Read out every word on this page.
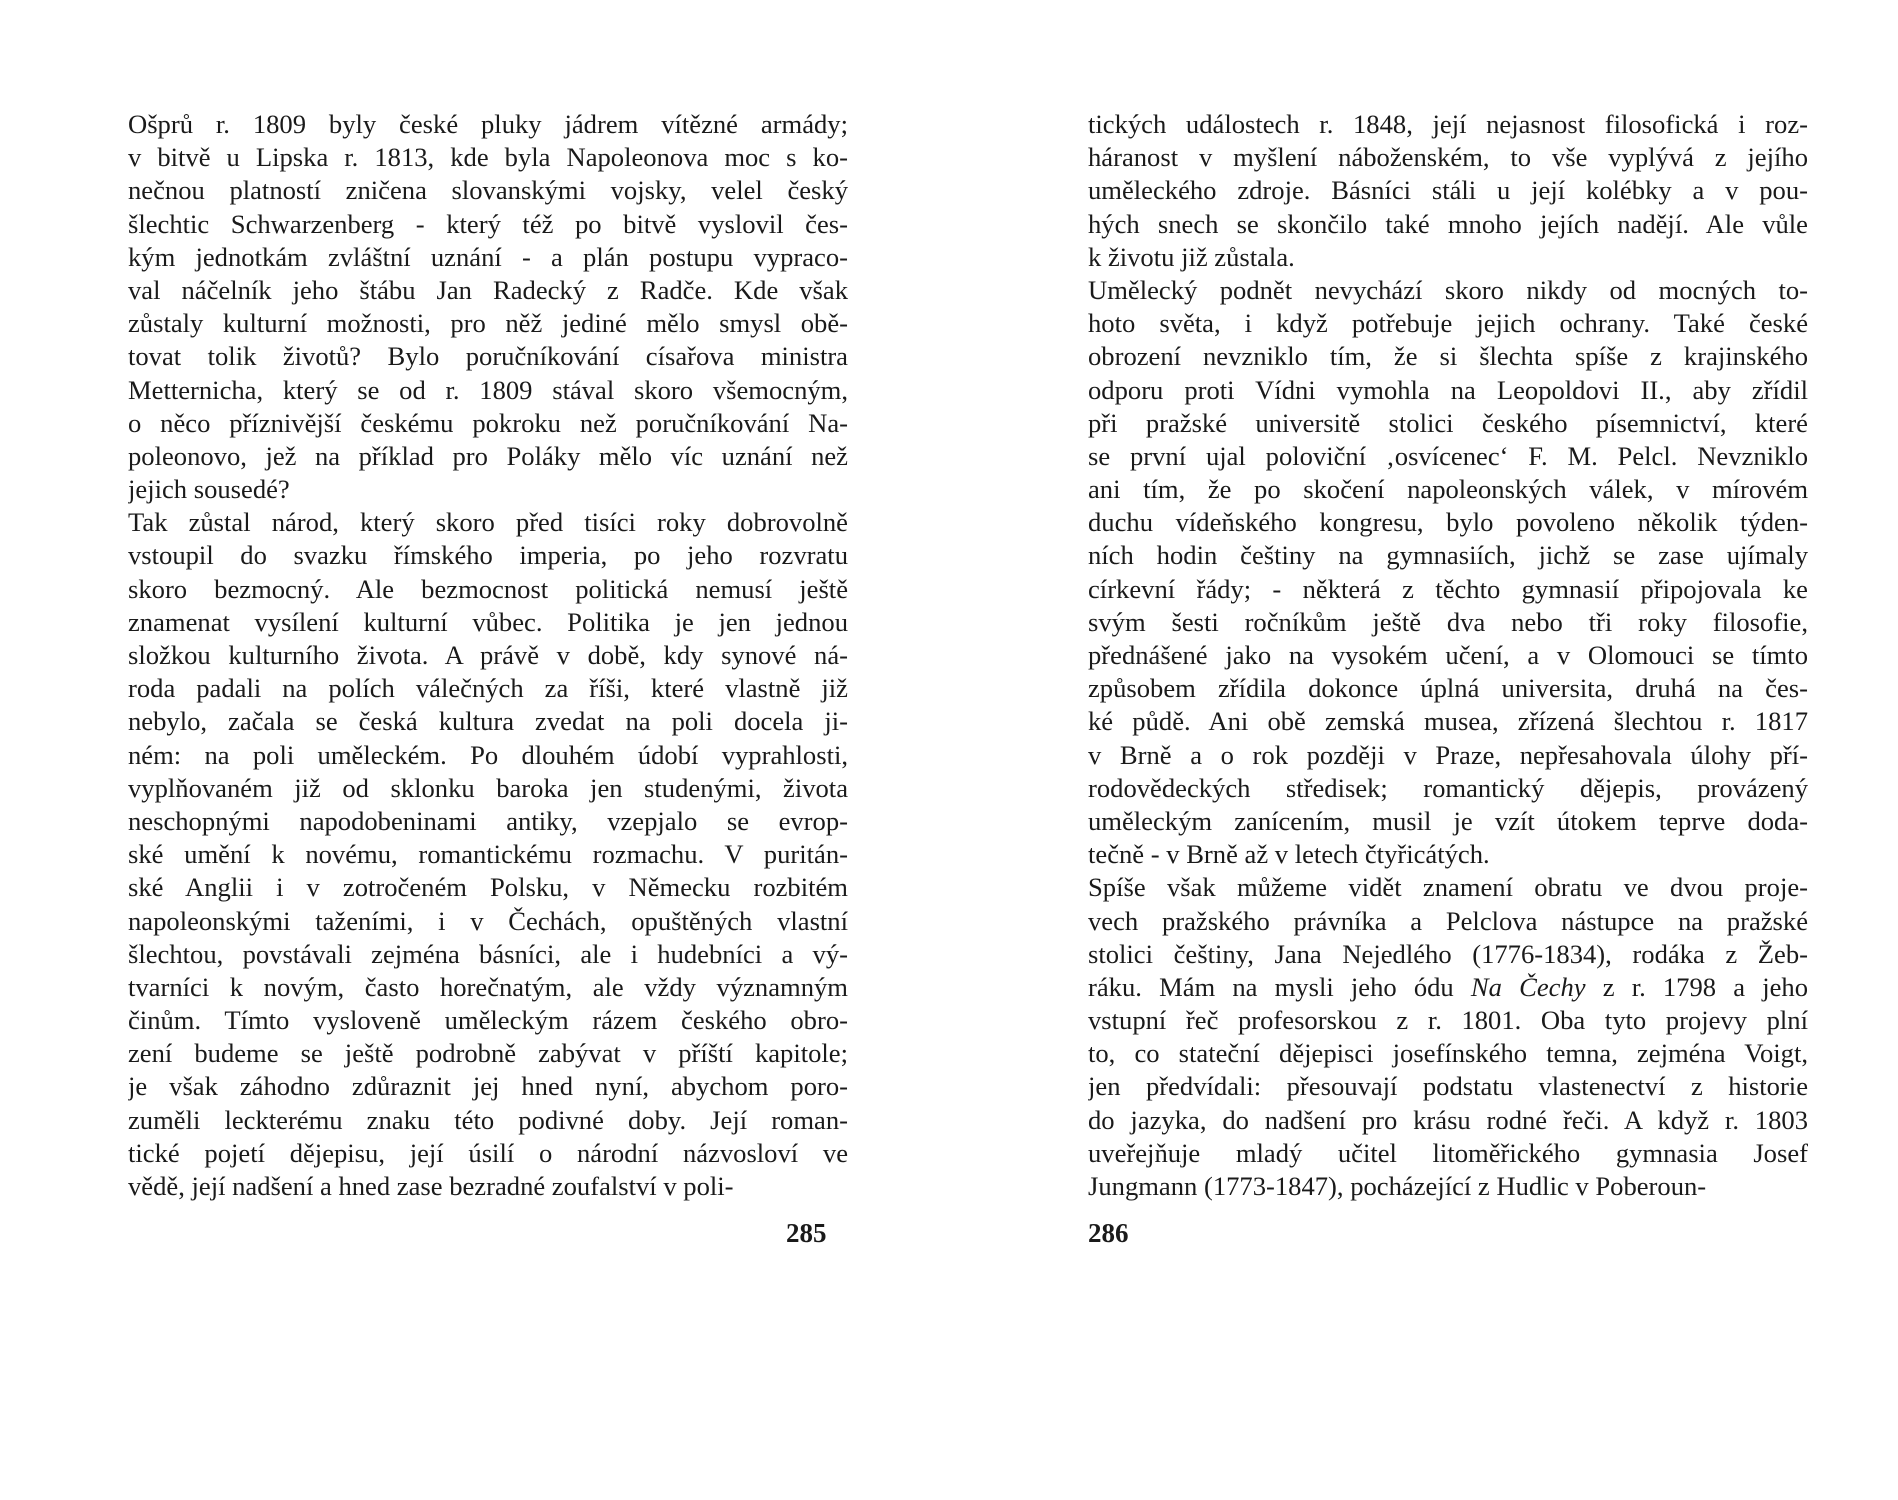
Ošprů r. 1809 byly české pluky jádrem vítězné armády;
v bitvě u Lipska r. 1813, kde byla Napoleonova moc s ko-
nečnou platností zničena slovanskými vojsky, velel český
šlechtic Schwarzenberg - který též po bitvě vyslovil čes-
kým jednotkám zvláštní uznání - a plán postupu vypraco-
val náčelník jeho štábu Jan Radecký z Radče. Kde však
zůstaly kulturní možnosti, pro něž jediné mělo smysl obě-
tovat tolik životů? Bylo poručníkování císařova ministra
Metternicha, který se od r. 1809 stával skoro všemocným,
o něco příznivější českému pokroku než poručníkování Na-
poleonovo, jež na příklad pro Poláky mělo víc uznání než
jejich sousedé?
Tak zůstal národ, který skoro před tisíci roky dobrovolně
vstoupil do svazku římského imperia, po jeho rozvratu
skoro bezmocný. Ale bezmocnost politická nemusí ještě
znamenat vysílení kulturní vůbec. Politika je jen jednou
složkou kulturního života. A právě v době, kdy synové ná-
roda padali na polích válečných za říši, které vlastně již
nebylo, začala se česká kultura zvedat na poli docela ji-
ném: na poli uměleckém. Po dlouhém údobí vyprahlosti,
vyplňovaném již od sklonku baroka jen studenými, života
neschopnými napodobeninami antiky, vzepjalo se evrop-
ské umění k novému, romantickému rozmachu. V puritán-
ské Anglii i v zotročeném Polsku, v Německu rozbitém
napoleonskými taženími, i v Čechách, opuštěných vlastní
šlechtou, povstávali zejména básníci, ale i hudebníci a vý-
tvarníci k novým, často horečnatým, ale vždy významným
činům. Tímto vysloveně uměleckým rázem českého obro-
zení budeme se ještě podrobně zabývat v příští kapitole;
je však záhodno zdůraznit jej hned nyní, abychom poro-
zuměli leckterému znaku této podivné doby. Její roman-
tické pojetí dějepisu, její úsilí o národní názvosloví ve
vědě, její nadšení a hned zase bezradné zoufalství v poli-
285
tických událostech r. 1848, její nejasnost filosofická i roz-
háranost v myšlení náboženském, to vše vyplývá z jejího
uměleckého zdroje. Básníci stáli u její kolébky a v pou-
hých snech se skončilo také mnoho jejích nadějí. Ale vůle
k životu již zůstala.
Umělecký podnět nevychází skoro nikdy od mocných to-
hoto světa, i když potřebuje jejich ochrany. Také české
obrození nevzniklo tím, že si šlechta spíše z krajinského
odporu proti Vídni vymohla na Leopoldovi II., aby zřídil
při pražské universitě stolici českého písemnictví, které
se první ujal poloviční ‚osvícenec‘ F. M. Pelcl. Nevzniklo
ani tím, že po skočení napoleonských válek, v mírovém
duchu vídeňského kongresu, bylo povoleno několik týden-
ních hodin češtiny na gymnasiích, jichž se zase ujímaly
církevní řády; - některá z těchto gymnasií připojovala ke
svým šesti ročníkům ještě dva nebo tři roky filosofie,
přednášené jako na vysokém učení, a v Olomouci se tímto
způsobem zřídila dokonce úplná universita, druhá na čes-
ké půdě. Ani obě zemská musea, zřízená šlechtou r. 1817
v Brně a o rok později v Praze, nepřesahovala úlohy pří-
rodovědeckých středisek; romantický dějepis, provázený
uměleckým zanícením, musil je vzít útokem teprve dodа-
tečně - v Brně až v letech čtyřicátých.
Spíše však můžeme vidět znamení obratu ve dvou proje-
vech pražského právníka a Pelclova nástupce na pražské
stolici češtiny, Jana Nejedlého (1776-1834), rodáka z Žeb-
ráku. Mám na mysli jeho ódu Na Čechy z r. 1798 a jeho
vstupní řeč profesorskou z r. 1801. Oba tyto projevy plní
to, co stateční dějepisci josefínského temna, zejména Voigt,
jen předvídali: přesouvají podstatu vlastenectví z historie
do jazyka, do nadšení pro krásu rodné řeči. A když r. 1803
uveřejňuje mladý učitel litoměřického gymnasia Josef
Jungmann (1773-1847), pocházející z Hudlic v Poberoun-
286
